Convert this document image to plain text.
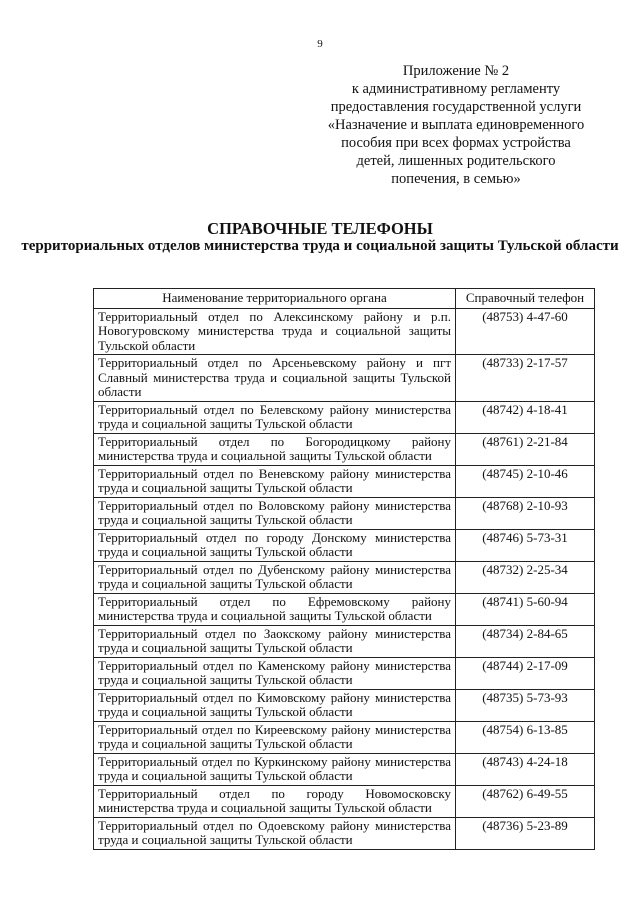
9
Приложение № 2
к административному регламенту
предоставления государственной услуги
«Назначение и выплата единовременного
пособия при всех формах устройства
детей, лишенных родительского
попечения, в семью»
СПРАВОЧНЫЕ ТЕЛЕФОНЫ
территориальных отделов министерства труда и социальной защиты Тульской области
Наименование территориального органа	Справочный телефон
Территориальный отдел по Алексинскому району и р.п. Новогуровскому министерства труда и социальной защиты Тульской области	(48753) 4-47-60
Территориальный отдел по Арсеньевскому району и пгт Славный министерства труда и социальной защиты Тульской области	(48733) 2-17-57
Территориальный отдел по Белевскому району министерства труда и социальной защиты Тульской области	(48742) 4-18-41
Территориальный отдел по Богородицкому району министерства труда и социальной защиты Тульской области	(48761) 2-21-84
Территориальный отдел по Веневскому району министерства труда и социальной защиты Тульской области	(48745) 2-10-46
Территориальный отдел по Воловскому району министерства труда и социальной защиты Тульской области	(48768) 2-10-93
Территориальный отдел по городу Донскому министерства труда и социальной защиты Тульской области	(48746) 5-73-31
Территориальный отдел по Дубенскому району министерства труда и социальной защиты Тульской области	(48732) 2-25-34
Территориальный отдел по Ефремовскому району министерства труда и социальной защиты Тульской области	(48741) 5-60-94
Территориальный отдел по Заокскому району министерства труда и социальной защиты Тульской области	(48734) 2-84-65
Территориальный отдел по Каменскому району министерства труда и социальной защиты Тульской области	(48744) 2-17-09
Территориальный отдел по Кимовскому району министерства труда и социальной защиты Тульской области	(48735) 5-73-93
Территориальный отдел по Киреевскому району министерства труда и социальной защиты Тульской области	(48754) 6-13-85
Территориальный отдел по Куркинскому району министерства труда и социальной защиты Тульской области	(48743) 4-24-18
Территориальный отдел по городу Новомосковску министерства труда и социальной защиты Тульской области	(48762) 6-49-55
Территориальный отдел по Одоевскому району министерства труда и социальной защиты Тульской области	(48736) 5-23-89
